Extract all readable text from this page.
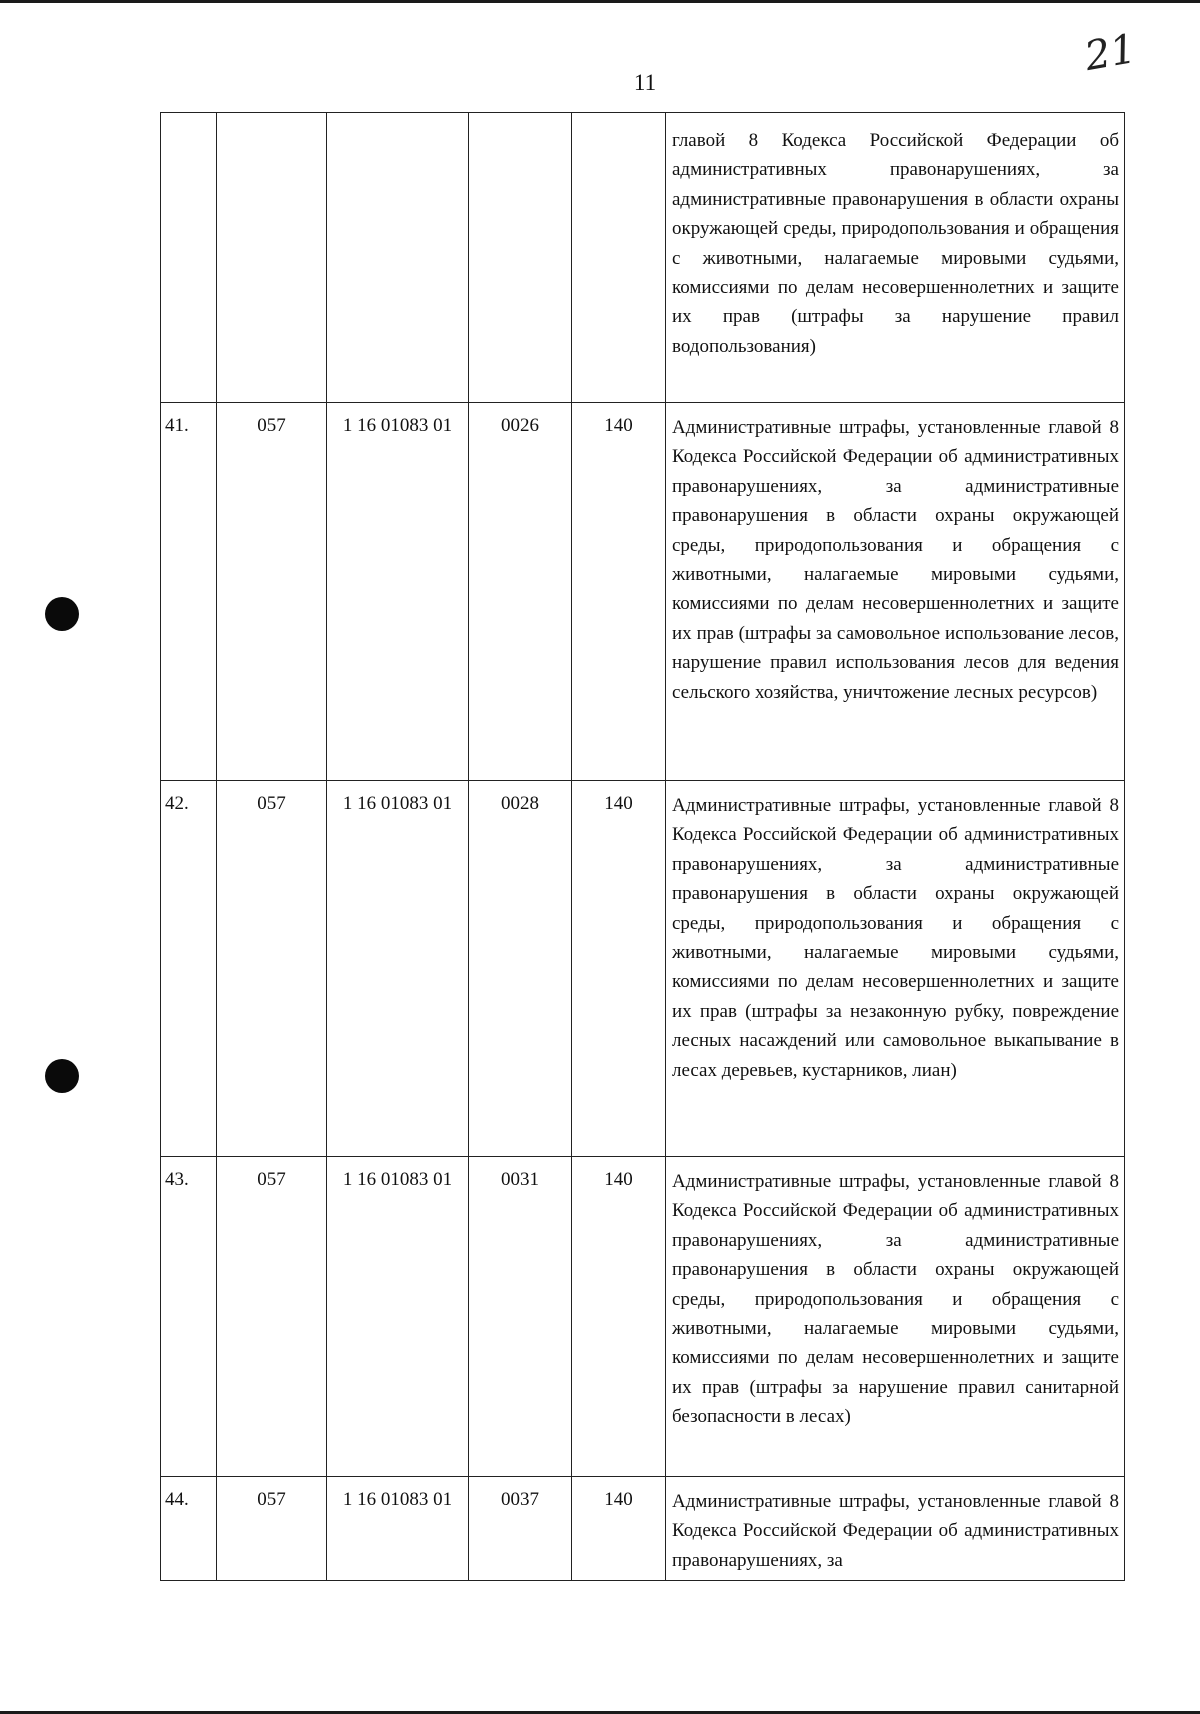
11
21
					главой 8 Кодекса Российской Федерации об административных правонарушениях, за административные правонарушения в области охраны окружающей среды, природопользования и обращения с животными, налагаемые мировыми судьями, комиссиями по делам несовершеннолетних и защите их прав (штрафы за нарушение правил водопользования)
41.	057	1 16 01083 01	0026	140	Административные штрафы, установленные главой 8 Кодекса Российской Федерации об административных правонарушениях, за административные правонарушения в области охраны окружающей среды, природопользования и обращения с животными, налагаемые мировыми судьями, комиссиями по делам несовершеннолетних и защите их прав (штрафы за самовольное использование лесов, нарушение правил использования лесов для ведения сельского хозяйства, уничтожение лесных ресурсов)
42.	057	1 16 01083 01	0028	140	Административные штрафы, установленные главой 8 Кодекса Российской Федерации об административных правонарушениях, за административные правонарушения в области охраны окружающей среды, природопользования и обращения с животными, налагаемые мировыми судьями, комиссиями по делам несовершеннолетних и защите их прав (штрафы за незаконную рубку, повреждение лесных насаждений или самовольное выкапывание в лесах деревьев, кустарников, лиан)
43.	057	1 16 01083 01	0031	140	Административные штрафы, установленные главой 8 Кодекса Российской Федерации об административных правонарушениях, за административные правонарушения в области охраны окружающей среды, природопользования и обращения с животными, налагаемые мировыми судьями, комиссиями по делам несовершеннолетних и защите их прав (штрафы за нарушение правил санитарной безопасности в лесах)
44.	057	1 16 01083 01	0037	140	Административные штрафы, установленные главой 8 Кодекса Российской Федерации об административных правонарушениях, за
